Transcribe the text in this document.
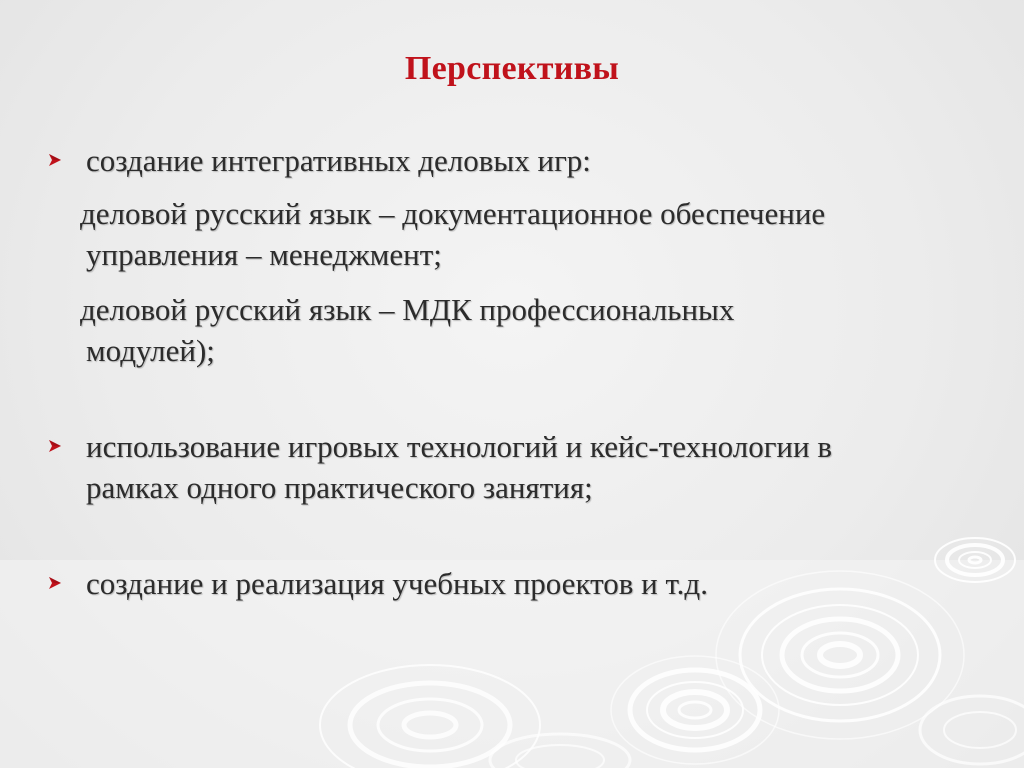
Перспективы
создание интегративных деловых игр:
деловой русский язык – документационное обеспечение
управления – менеджмент;
деловой русский язык – МДК профессиональных
модулей);
использование игровых технологий и кейс-технологии в
рамках одного практического занятия;
создание и реализация учебных проектов и т.д.
